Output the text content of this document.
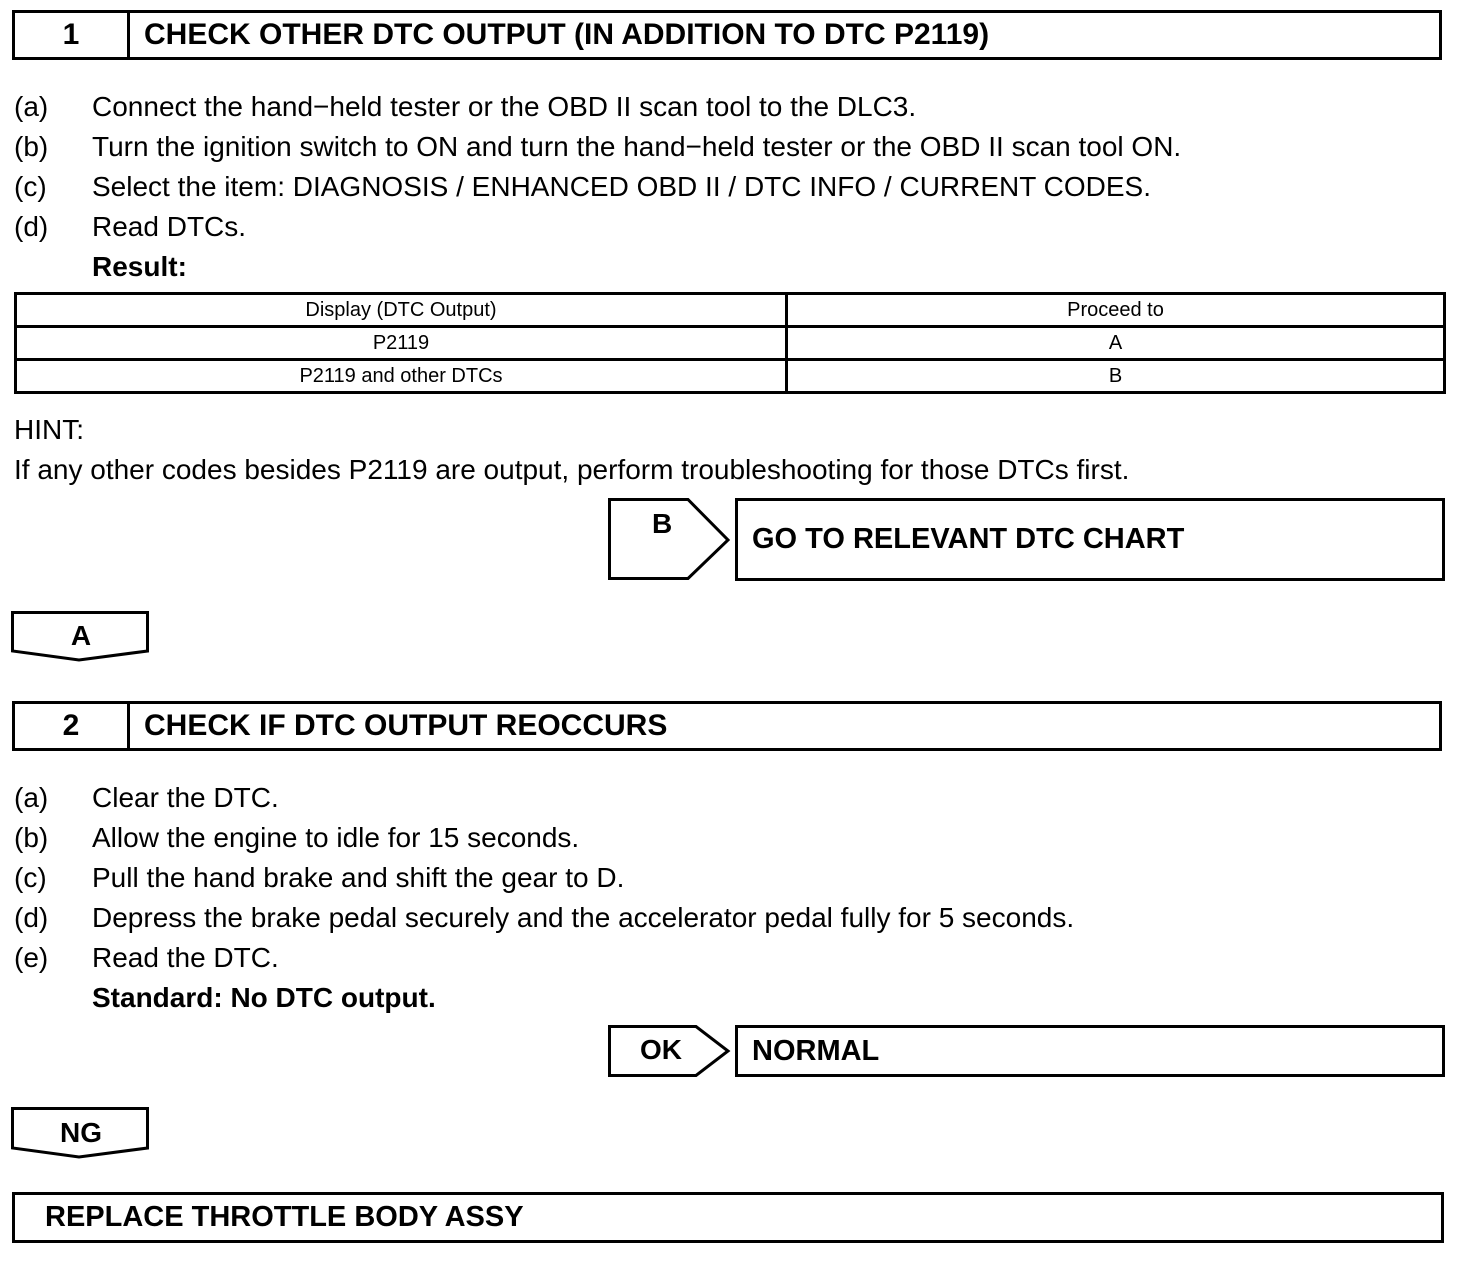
1	CHECK OTHER DTC OUTPUT (IN ADDITION TO DTC P2119)
(a) Connect the hand−held tester or the OBD II scan tool to the DLC3.
(b) Turn the ignition switch to ON and turn the hand−held tester or the OBD II scan tool ON.
(c) Select the item: DIAGNOSIS / ENHANCED OBD II / DTC INFO / CURRENT CODES.
(d) Read DTCs.
Result:
Display (DTC Output)	Proceed to
P2119	A
P2119 and other DTCs	B
HINT:
If any other codes besides P2119 are output, perform troubleshooting for those DTCs first.
B	GO TO RELEVANT DTC CHART
A
2	CHECK IF DTC OUTPUT REOCCURS
(a) Clear the DTC.
(b) Allow the engine to idle for 15 seconds.
(c) Pull the hand brake and shift the gear to D.
(d) Depress the brake pedal securely and the accelerator pedal fully for 5 seconds.
(e) Read the DTC.
Standard: No DTC output.
OK	NORMAL
NG
REPLACE THROTTLE BODY ASSY
